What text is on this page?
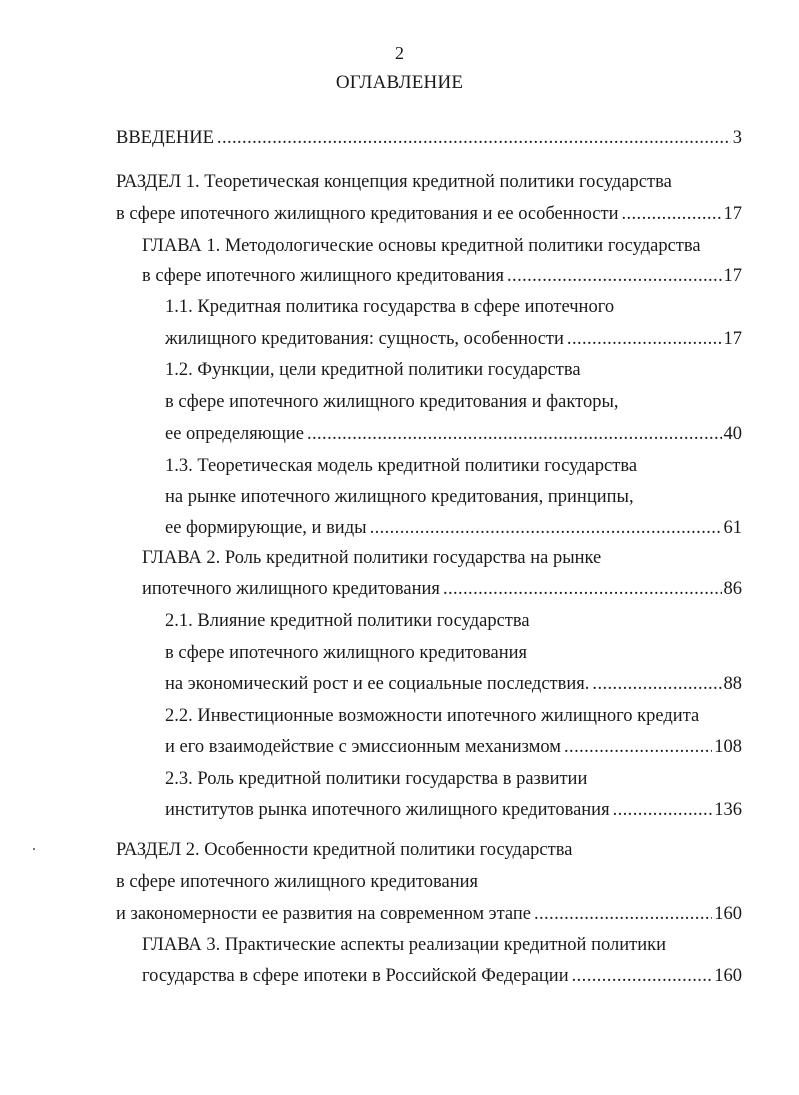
2
ОГЛАВЛЕНИЕ
ВВЕДЕНИЕ .....	3
РАЗДЕЛ 1. Теоретическая концепция кредитной политики государства
в сфере ипотечного жилищного кредитования и ее особенности .....	17
ГЛАВА 1. Методологические основы кредитной политики государства
в сфере ипотечного жилищного кредитования .....	17
1.1. Кредитная политика государства в сфере ипотечного
жилищного кредитования: сущность, особенности .....	17
1.2. Функции, цели кредитной политики государства
в сфере ипотечного жилищного кредитования и факторы,
ее определяющие .....	40
1.3. Теоретическая модель кредитной политики государства
на рынке ипотечного жилищного кредитования, принципы,
ее формирующие, и виды .....	61
ГЛАВА 2. Роль кредитной политики государства на рынке
ипотечного жилищного кредитования .....	86
2.1. Влияние кредитной политики государства
в сфере ипотечного жилищного кредитования
на экономический рост и ее социальные последствия. .....	88
2.2. Инвестиционные возможности ипотечного жилищного кредита
и его взаимодействие с эмиссионным механизмом .....	108
2.3. Роль кредитной политики государства в развитии
институтов рынка ипотечного жилищного кредитования .....	136
РАЗДЕЛ 2. Особенности кредитной политики государства
в сфере ипотечного жилищного кредитования
и закономерности ее развития на современном этапе .....	160
ГЛАВА 3. Практические аспекты реализации кредитной политики
государства в сфере ипотеки в Российской Федерации .....	160
